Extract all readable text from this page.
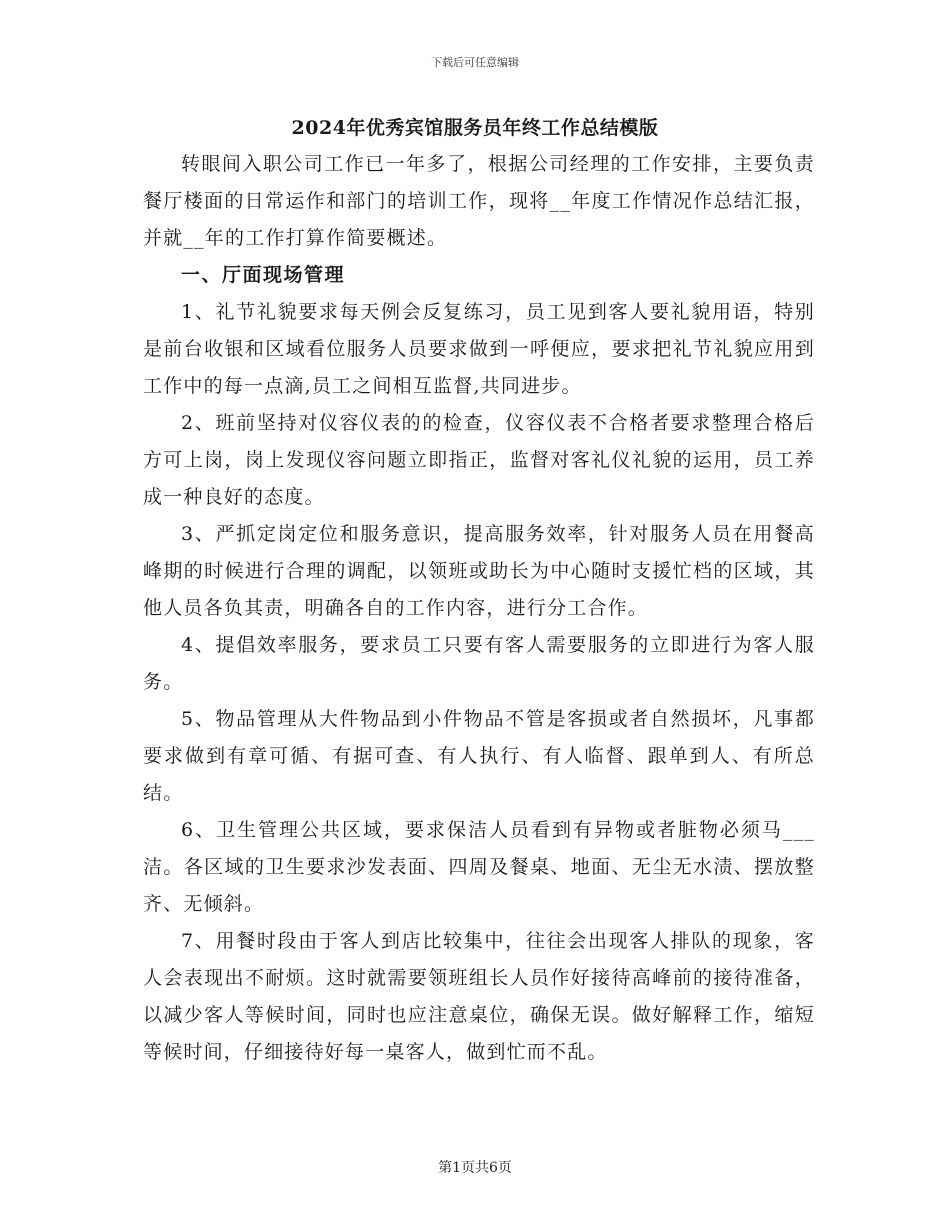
下载后可任意编辑
2024年优秀宾馆服务员年终工作总结模版

转眼间入职公司工作已一年多了，根据公司经理的工作安排，主要负责餐厅楼面的日常运作和部门的培训工作，现将__年度工作情况作总结汇报，并就__年的工作打算作简要概述。

一、厅面现场管理

1、礼节礼貌要求每天例会反复练习，员工见到客人要礼貌用语，特别是前台收银和区域看位服务人员要求做到一呼便应，要求把礼节礼貌应用到工作中的每一点滴,员工之间相互监督,共同进步。

2、班前坚持对仪容仪表的的检查，仪容仪表不合格者要求整理合格后方可上岗，岗上发现仪容问题立即指正，监督对客礼仪礼貌的运用，员工养成一种良好的态度。

3、严抓定岗定位和服务意识，提高服务效率，针对服务人员在用餐高峰期的时候进行合理的调配，以领班或助长为中心随时支援忙档的区域，其他人员各负其责，明确各自的工作内容，进行分工合作。

4、提倡效率服务，要求员工只要有客人需要服务的立即进行为客人服务。

5、物品管理从大件物品到小件物品不管是客损或者自然损坏，凡事都要求做到有章可循、有据可查、有人执行、有人临督、跟单到人、有所总结。

6、卫生管理公共区域，要求保洁人员看到有异物或者脏物必须马___洁。各区域的卫生要求沙发表面、四周及餐桌、地面、无尘无水渍、摆放整齐、无倾斜。

7、用餐时段由于客人到店比较集中，往往会出现客人排队的现象，客人会表现出不耐烦。这时就需要领班组长人员作好接待高峰前的接待准备，以减少客人等候时间，同时也应注意桌位，确保无误。做好解释工作，缩短等候时间，仔细接待好每一桌客人，做到忙而不乱。

第1页共6页
